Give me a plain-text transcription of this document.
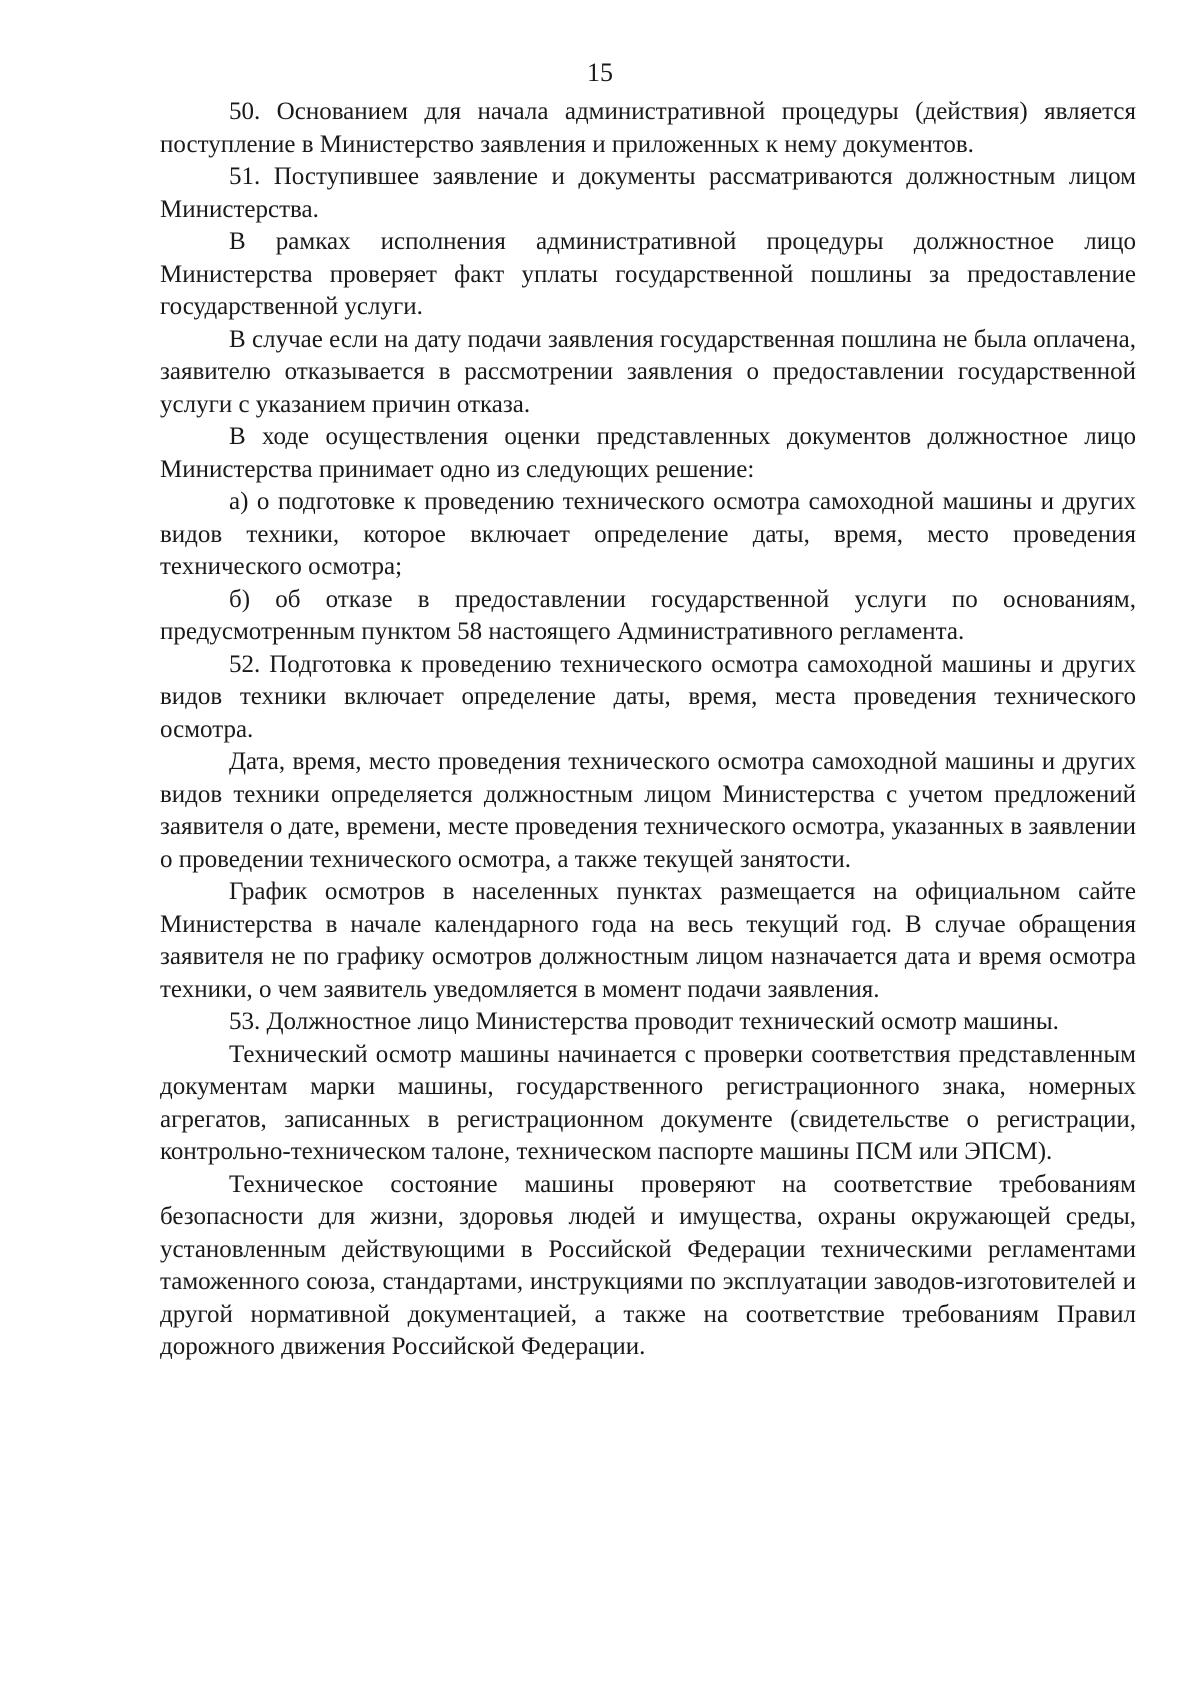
15

50. Основанием для начала административной процедуры (действия) является поступление в Министерство заявления и приложенных к нему документов.

51. Поступившее заявление и документы рассматриваются должностным лицом Министерства.

В рамках исполнения административной процедуры должностное лицо Министерства проверяет факт уплаты государственной пошлины за предоставление государственной услуги.

В случае если на дату подачи заявления государственная пошлина не была оплачена, заявителю отказывается в рассмотрении заявления о предоставлении государственной услуги с указанием причин отказа.

В ходе осуществления оценки представленных документов должностное лицо Министерства принимает одно из следующих решение:

а) о подготовке к проведению технического осмотра самоходной машины и других видов техники, которое включает определение даты, время, место проведения технического осмотра;

б) об отказе в предоставлении государственной услуги по основаниям, предусмотренным пунктом 58 настоящего Административного регламента.

52. Подготовка к проведению технического осмотра самоходной машины и других видов техники включает определение даты, время, места проведения технического осмотра.

Дата, время, место проведения технического осмотра самоходной машины и других видов техники определяется должностным лицом Министерства с учетом предложений заявителя о дате, времени, месте проведения технического осмотра, указанных в заявлении о проведении технического осмотра, а также текущей занятости.

График осмотров в населенных пунктах размещается на официальном сайте Министерства в начале календарного года на весь текущий год. В случае обращения заявителя не по графику осмотров должностным лицом назначается дата и время осмотра техники, о чем заявитель уведомляется в момент подачи заявления.

53. Должностное лицо Министерства проводит технический осмотр машины.

Технический осмотр машины начинается с проверки соответствия представленным документам марки машины, государственного регистрационного знака, номерных агрегатов, записанных в регистрационном документе (свидетельстве о регистрации, контрольно-техническом талоне, техническом паспорте машины ПСМ или ЭПСМ).

Техническое состояние машины проверяют на соответствие требованиям безопасности для жизни, здоровья людей и имущества, охраны окружающей среды, установленным действующими в Российской Федерации техническими регламентами таможенного союза, стандартами, инструкциями по эксплуатации заводов-изготовителей и другой нормативной документацией, а также на соответствие требованиям Правил дорожного движения Российской Федерации.
